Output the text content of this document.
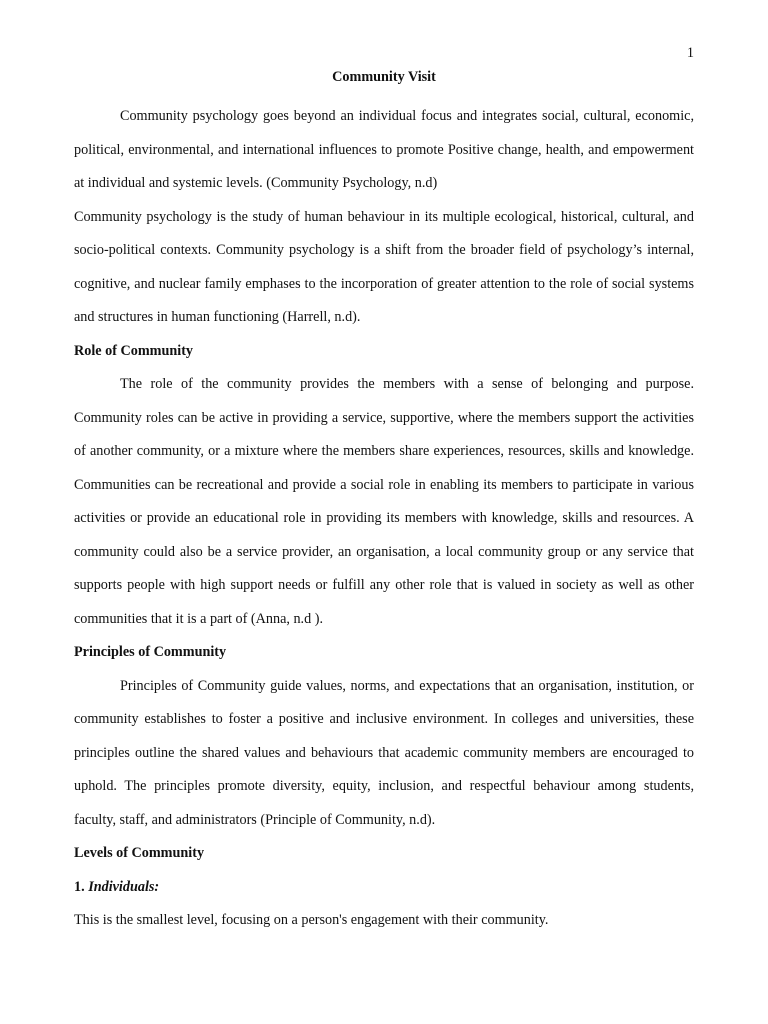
1
Community Visit

Community psychology goes beyond an individual focus and integrates social, cultural, economic, political, environmental, and international influences to promote Positive change, health, and empowerment at individual and systemic levels. (Community Psychology, n.d)

Community psychology is the study of human behaviour in its multiple ecological, historical, cultural, and socio-political contexts. Community psychology is a shift from the broader field of psychology’s internal, cognitive, and nuclear family emphases to the incorporation of greater attention to the role of social systems and structures in human functioning (Harrell, n.d).

Role of Community

The role of the community provides the members with a sense of belonging and purpose. Community roles can be active in providing a service, supportive, where the members support the activities of another community, or a mixture where the members share experiences, resources, skills and knowledge. Communities can be recreational and provide a social role in enabling its members to participate in various activities or provide an educational role in providing its members with knowledge, skills and resources. A community could also be a service provider, an organisation, a local community group or any service that supports people with high support needs or fulfill any other role that is valued in society as well as other communities that it is a part of (Anna, n.d ).

Principles of Community

Principles of Community guide values, norms, and expectations that an organisation, institution, or community establishes to foster a positive and inclusive environment. In colleges and universities, these principles outline the shared values and behaviours that academic community members are encouraged to uphold. The principles promote diversity, equity, inclusion, and respectful behaviour among students, faculty, staff, and administrators (Principle of Community, n.d).

Levels of Community
1. Individuals:

This is the smallest level, focusing on a person's engagement with their community.
